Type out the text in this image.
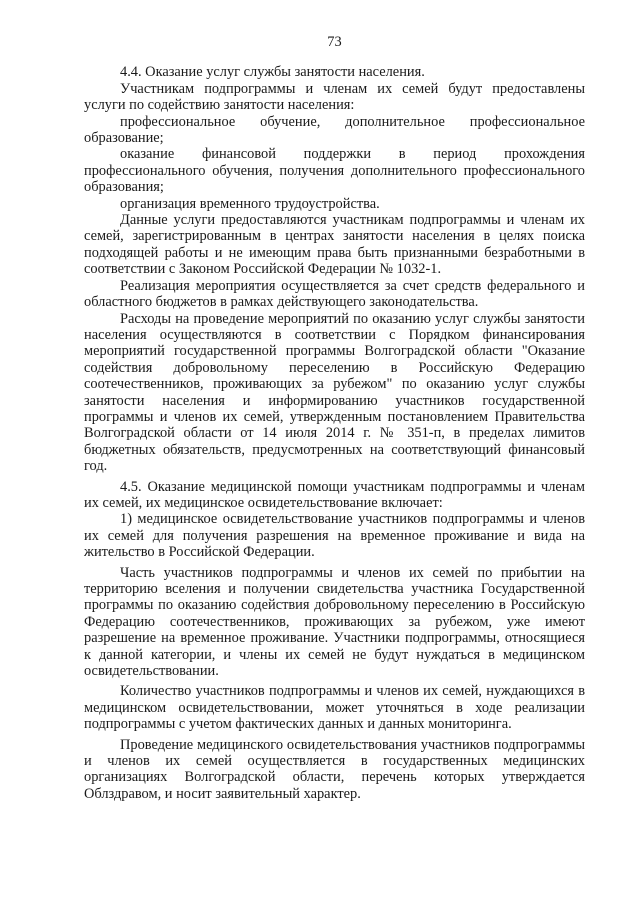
73

4.4. Оказание услуг службы занятости населения.

Участникам подпрограммы и членам их семей будут предоставлены услуги по содействию занятости населения:

профессиональное обучение, дополнительное профессиональное образование;

оказание финансовой поддержки в период прохождения профессионального обучения, получения дополнительного профессионального образования;

организация временного трудоустройства.

Данные услуги предоставляются участникам подпрограммы и членам их семей, зарегистрированным в центрах занятости населения в целях поиска подходящей работы и не имеющим права быть признанными безработными в соответствии с Законом Российской Федерации № 1032-1.

Реализация мероприятия осуществляется за счет средств федерального и областного бюджетов в рамках действующего законодательства.

Расходы на проведение мероприятий по оказанию услуг службы занятости населения осуществляются в соответствии с Порядком финансирования мероприятий государственной программы Волгоградской области "Оказание содействия добровольному переселению в Российскую Федерацию соотечественников, проживающих за рубежом" по оказанию услуг службы занятости населения и информированию участников государственной программы и членов их семей, утвержденным постановлением Правительства Волгоградской области от 14 июля 2014 г. № 351-п, в пределах лимитов бюджетных обязательств, предусмотренных на соответствующий финансовый год.

4.5. Оказание медицинской помощи участникам подпрограммы и членам их семей, их медицинское освидетельствование включает:

1) медицинское освидетельствование участников подпрограммы и членов их семей для получения разрешения на временное проживание и вида на жительство в Российской Федерации.

Часть участников подпрограммы и членов их семей по прибытии на территорию вселения и получении свидетельства участника Государственной программы по оказанию содействия добровольному переселению в Российскую Федерацию соотечественников, проживающих за рубежом, уже имеют разрешение на временное проживание. Участники подпрограммы, относящиеся к данной категории, и члены их семей не будут нуждаться в медицинском освидетельствовании.

Количество участников подпрограммы и членов их семей, нуждающихся в медицинском освидетельствовании, может уточняться в ходе реализации подпрограммы с учетом фактических данных и данных мониторинга.

Проведение медицинского освидетельствования участников подпрограммы и членов их семей осуществляется в государственных медицинских организациях Волгоградской области, перечень которых утверждается Облздравом, и носит заявительный характер.
